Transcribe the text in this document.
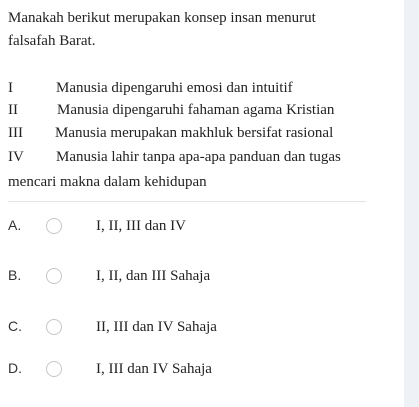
Manakah berikut merupakan konsep insan menurut
falsafah Barat.
I	Manusia dipengaruhi emosi dan intuitif
II	Manusia dipengaruhi fahaman agama Kristian
III Manusia merupakan makhluk bersifat rasional
IV Manusia lahir tanpa apa-apa panduan dan tugas
mencari makna dalam kehidupan
A.	I, II, III dan IV
B.	I, II, dan III Sahaja
C.	II, III dan IV Sahaja
D.	I, III dan IV Sahaja
